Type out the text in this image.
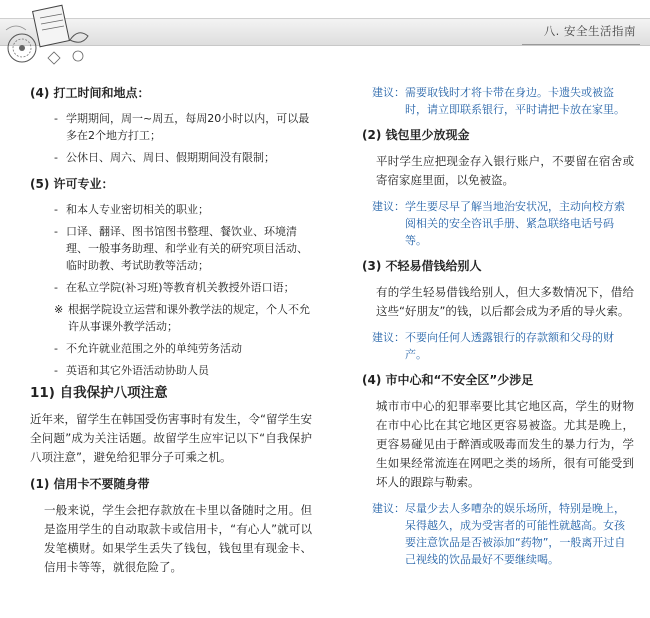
八. 安全生活指南
(4) 打工时间和地点：
- 学期期间，周一~周五，每周20小时以内，可以最多在2个地方打工；
- 公休日、周六、周日、假期期间没有限制；
(5) 许可专业：
- 和本人专业密切相关的职业；
- 口译、翻译、图书馆图书整理、餐饮业、环境清理、一般事务助理、和学业有关的研究项目活动、临时助教、考试助教等活动；
- 在私立学院(补习班)等教育机关教授外语口语；
※ 根据学院设立运营和课外教学法的规定，个人不允许从事课外教学活动；
- 不允许就业范围之外的单纯劳务活动
- 英语和其它外语活动协助人员
11) 自我保护八项注意

近年来，留学生在韩国受伤害事时有发生，令“留学生安全问题”成为关注话题。故留学生应牢记以下“自我保护八项注意”，避免给犯罪分子可乘之机。

(1) 信用卡不要随身带

一般来说，学生会把存款放在卡里以备随时之用。但是盗用学生的自动取款卡或信用卡，“有心人”就可以发笔横财。如果学生丢失了钱包，钱包里有现金卡、信用卡等等，就很危险了。

建议： 需要取钱时才将卡带在身边。卡遗失或被盗时，请立即联系银行，平时请把卡放在家里。
(2) 钱包里少放现金

平时学生应把现金存入银行账户，不要留在宿舍或寄宿家庭里面，以免被盗。

建议： 学生要尽早了解当地治安状况，主动向校方索阅相关的安全咨讯手册、紧急联络电话号码等。
(3) 不轻易借钱给别人

有的学生轻易借钱给别人，但大多数情况下，借给这些“好朋友”的钱，以后都会成为矛盾的导火索。

建议： 不要向任何人透露银行的存款额和父母的财产。
(4) 市中心和“不安全区”少涉足

城市市中心的犯罪率要比其它地区高，学生的财物在市中心比在其它地区更容易被盗。尤其是晚上，更容易碰见由于醉酒或吸毒而发生的暴力行为，学生如果经常流连在网吧之类的场所，很有可能受到坏人的跟踪与勒索。

建议： 尽量少去人多嘈杂的娱乐场所，特别是晚上，呆得越久，成为受害者的可能性就越高。女孩要注意饮品是否被添加“药物”，一般离开过自己视线的饮品最好不要继续喝。
